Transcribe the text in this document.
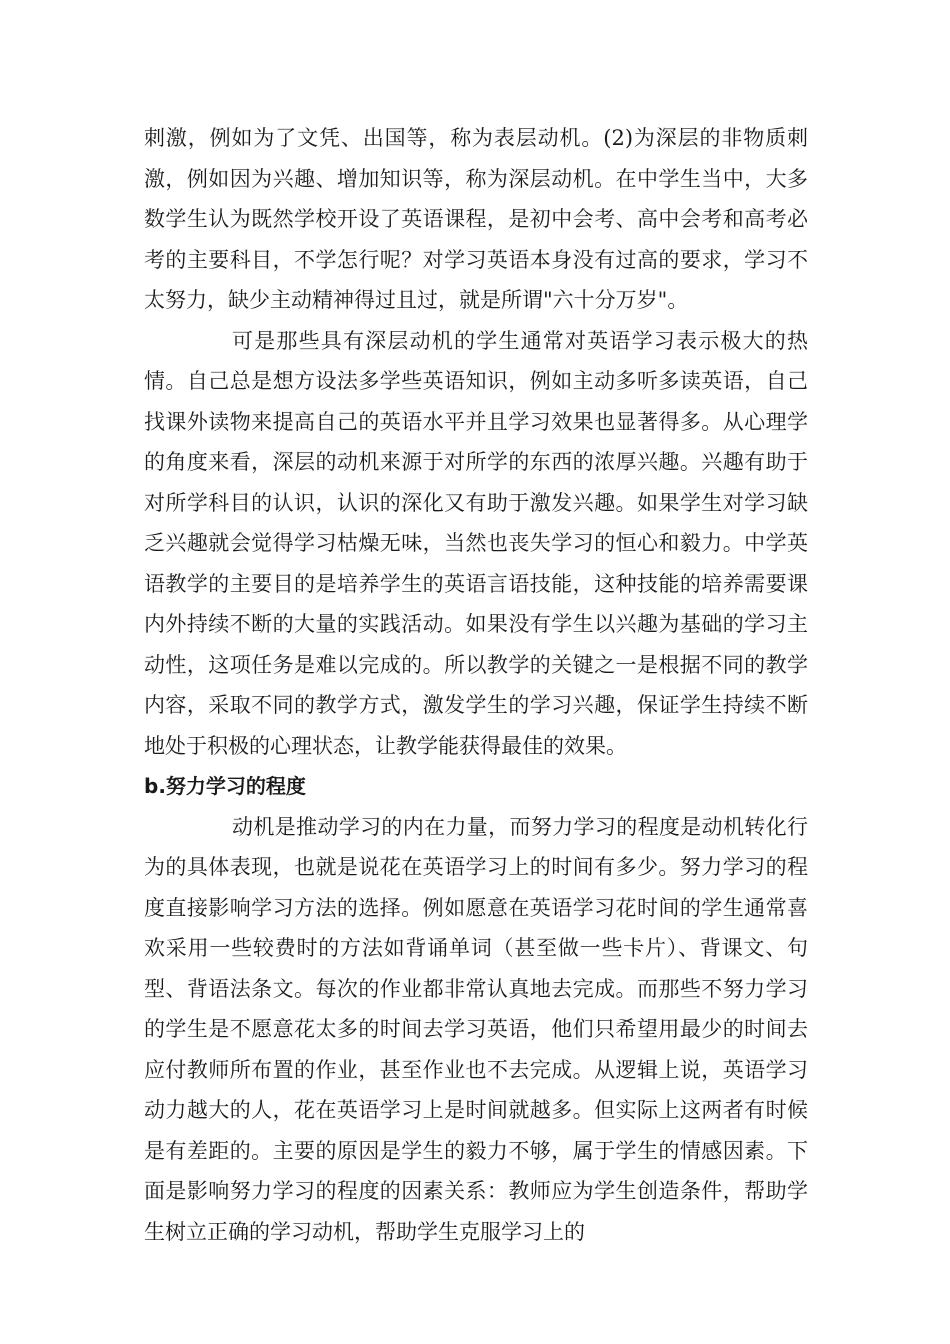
刺激，例如为了文凭、出国等，称为表层动机。(2)为深层的非物质刺激，例如因为兴趣、增加知识等，称为深层动机。在中学生当中，大多数学生认为既然学校开设了英语课程，是初中会考、高中会考和高考必考的主要科目，不学怎行呢？对学习英语本身没有过高的要求，学习不太努力，缺少主动精神得过且过，就是所谓"六十分万岁"。

可是那些具有深层动机的学生通常对英语学习表示极大的热情。自己总是想方设法多学些英语知识，例如主动多听多读英语，自己找课外读物来提高自己的英语水平并且学习效果也显著得多。从心理学的角度来看，深层的动机来源于对所学的东西的浓厚兴趣。兴趣有助于对所学科目的认识，认识的深化又有助于激发兴趣。如果学生对学习缺乏兴趣就会觉得学习枯燥无味，当然也丧失学习的恒心和毅力。中学英语教学的主要目的是培养学生的英语言语技能，这种技能的培养需要课内外持续不断的大量的实践活动。如果没有学生以兴趣为基础的学习主动性，这项任务是难以完成的。所以教学的关键之一是根据不同的教学内容，采取不同的教学方式，激发学生的学习兴趣，保证学生持续不断地处于积极的心理状态，让教学能获得最佳的效果。

b.努力学习的程度

动机是推动学习的内在力量，而努力学习的程度是动机转化行为的具体表现，也就是说花在英语学习上的时间有多少。努力学习的程度直接影响学习方法的选择。例如愿意在英语学习花时间的学生通常喜欢采用一些较费时的方法如背诵单词（甚至做一些卡片）、背课文、句型、背语法条文。每次的作业都非常认真地去完成。而那些不努力学习的学生是不愿意花太多的时间去学习英语，他们只希望用最少的时间去应付教师所布置的作业，甚至作业也不去完成。从逻辑上说，英语学习动力越大的人，花在英语学习上是时间就越多。但实际上这两者有时候是有差距的。主要的原因是学生的毅力不够，属于学生的情感因素。下面是影响努力学习的程度的因素关系：教师应为学生创造条件，帮助学生树立正确的学习动机，帮助学生克服学习上的
